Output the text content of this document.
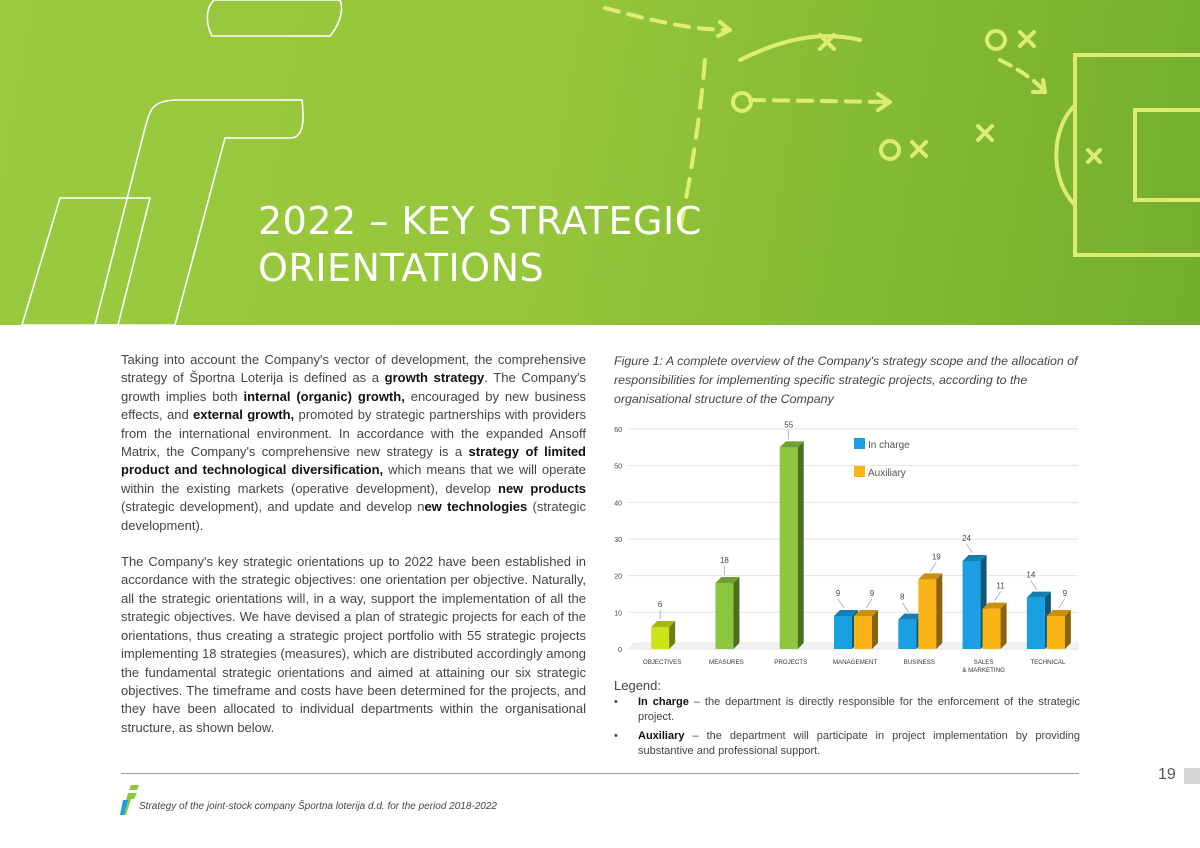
2022 – KEY STRATEGIC
ORIENTATIONS

Taking into account the Company's vector of development, the comprehensive strategy of Športna Loterija is defined as a growth strategy. The Company's growth implies both internal (organic) growth, encouraged by new business effects, and external growth, promoted by strategic partnerships with providers from the international environment. In accordance with the expanded Ansoff Matrix, the Company's comprehensive new strategy is a strategy of limited product and technological diversification, which means that we will operate within the existing markets (operative development), develop new products (strategic development), and update and develop new technologies (strategic development).

The Company's key strategic orientations up to 2022 have been established in accordance with the strategic objectives: one orientation per objective. Naturally, all the strategic orientations will, in a way, support the implementation of all the strategic objectives. We have devised a plan of strategic projects for each of the orientations, thus creating a strategic project portfolio with 55 strategic projects implementing 18 strategies (measures), which are distributed accordingly among the fundamental strategic orientations and aimed at attaining our six strategic objectives. The timeframe and costs have been determined for the projects, and they have been allocated to individual departments within the organisational structure, as shown below.

Figure 1: A complete overview of the Company's strategy scope and the allocation of responsibilities for implementing specific strategic projects, according to the organisational structure of the Company
0
10
20
30
40
50
60
OBJECTIVES
6
MEASURES
18
PROJECTS
55
MANAGEMENT
9	9
BUSINESS
8
19
SALES
& MARKETING
24
11
TECHNICAL
14
9
In charge
Auxiliary
Legend:
• In charge – the department is directly responsible for the enforcement of the strategic project.
• Auxiliary – the department will participate in project implementation by providing substantive and professional support.
19
Strategy of the joint-stock company Športna loterija d.d. for the period 2018-2022
